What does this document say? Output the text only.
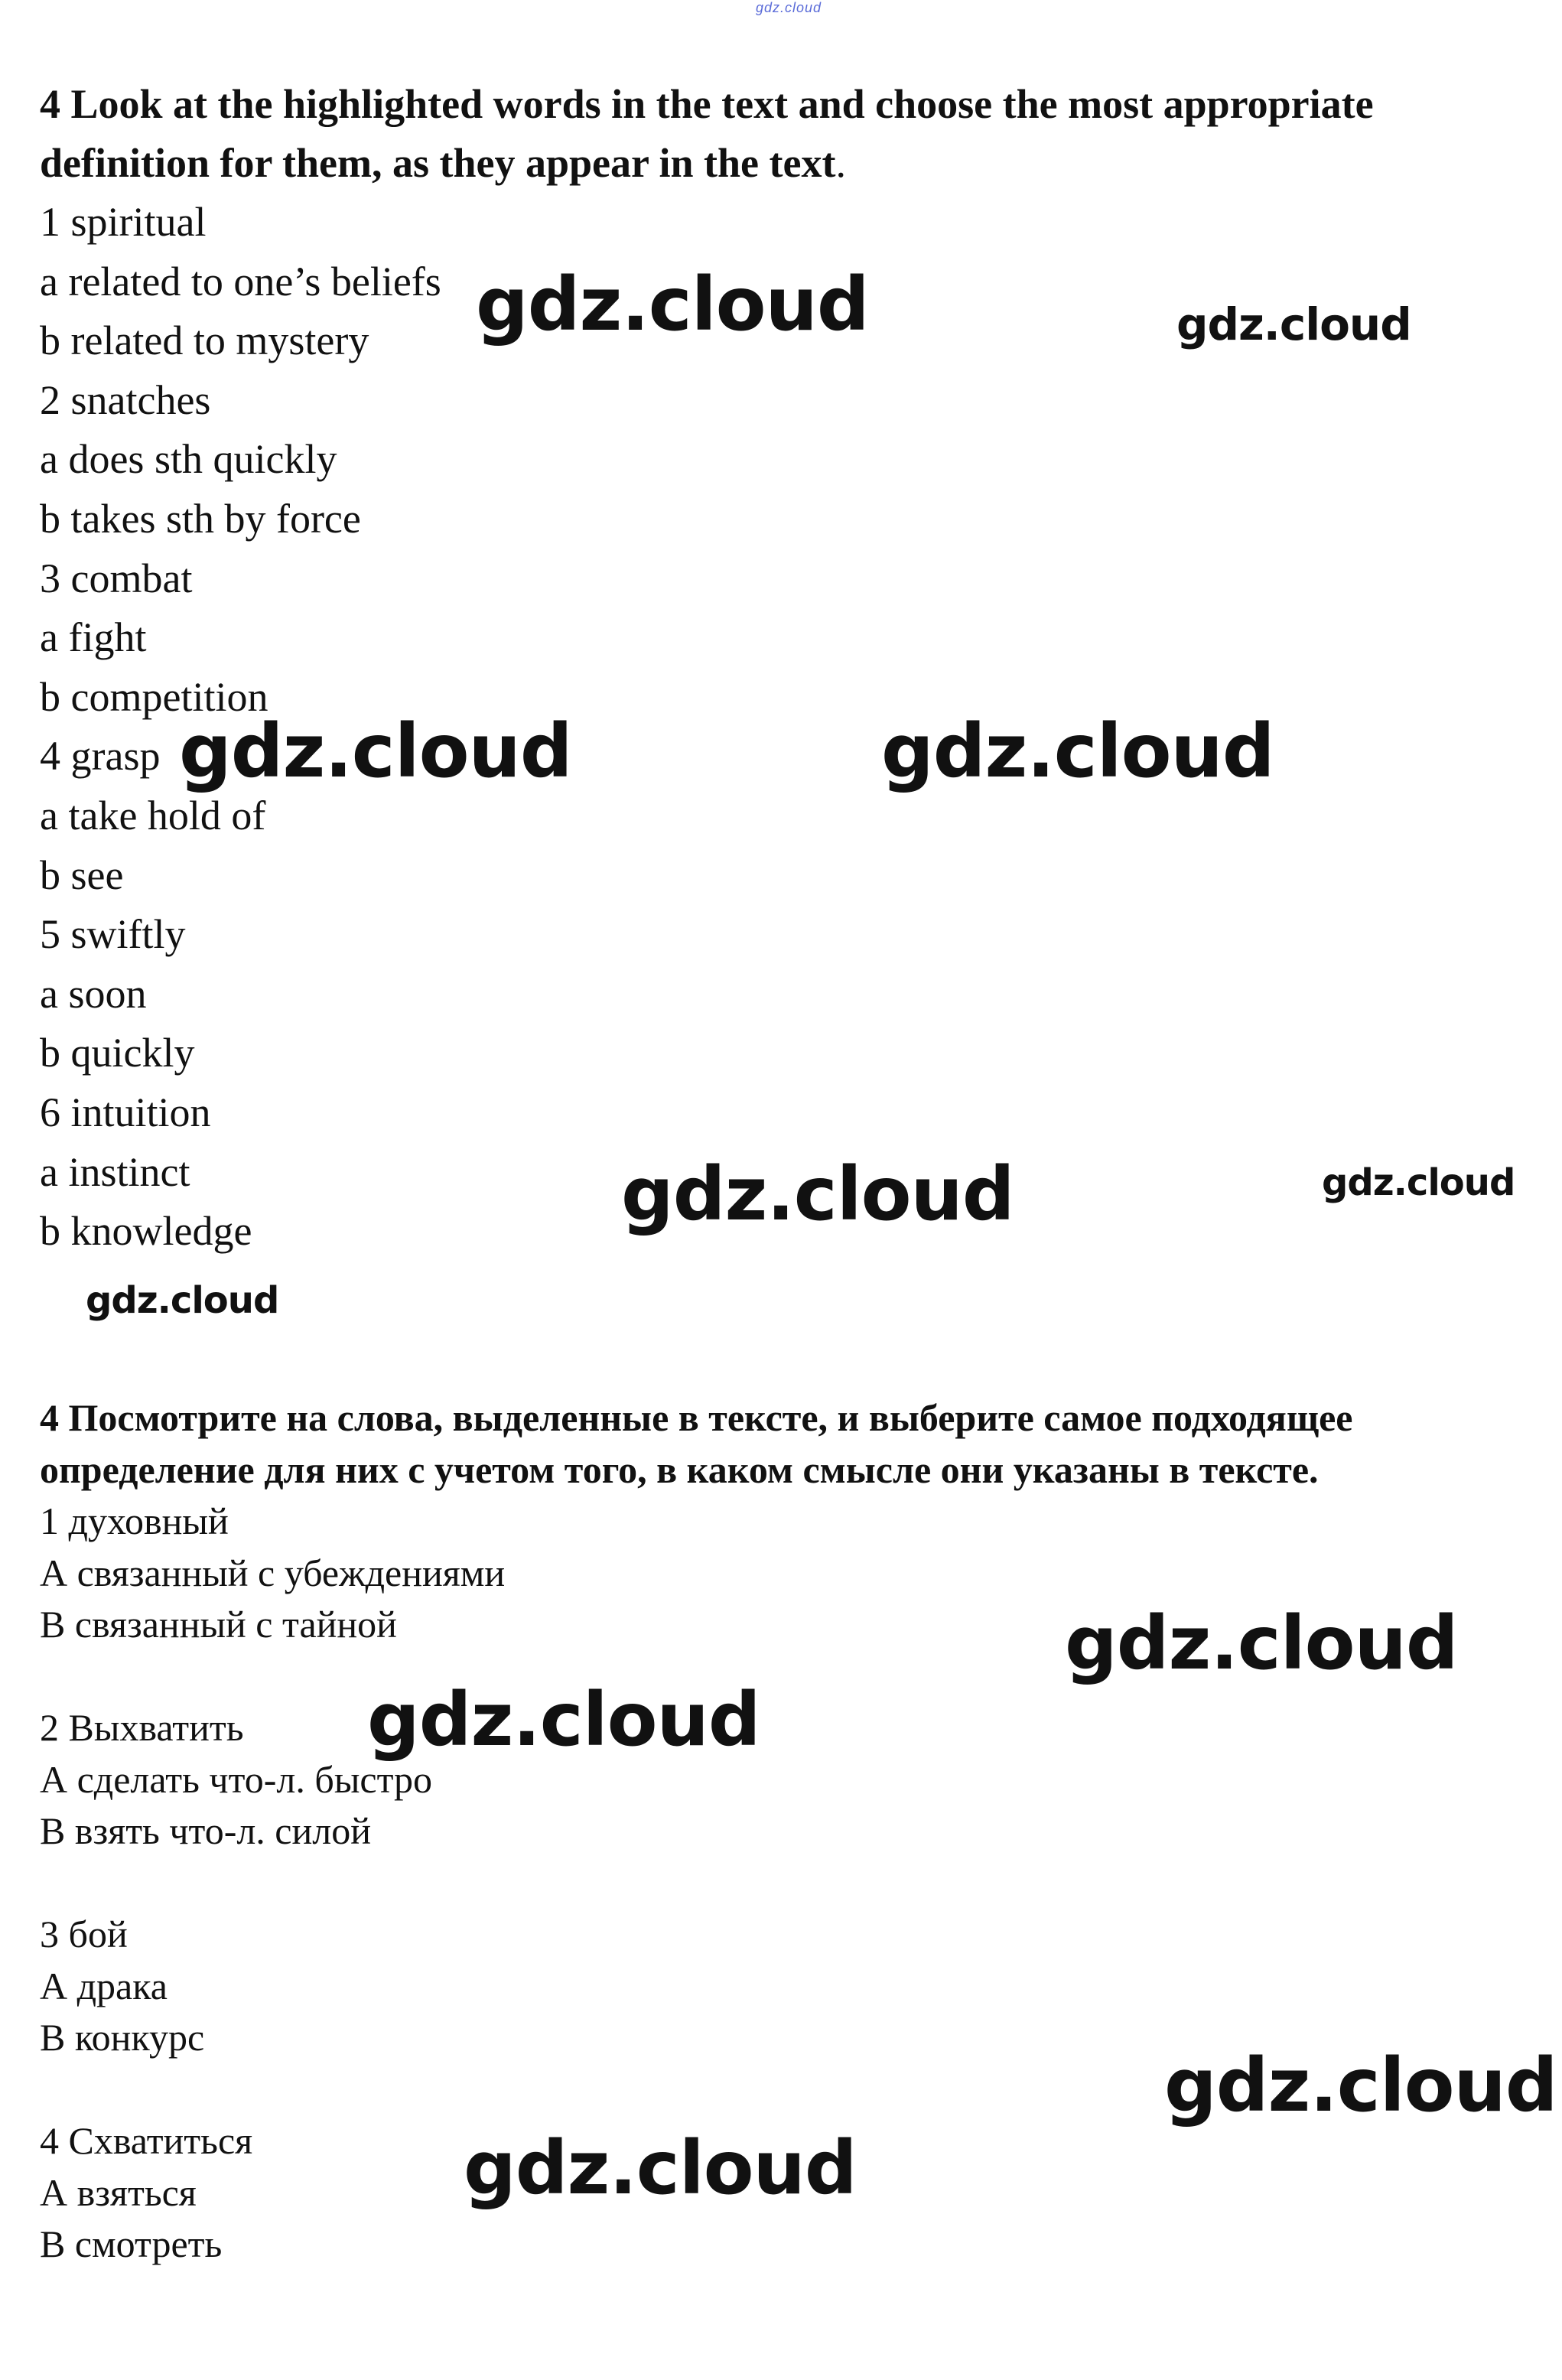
gdz.cloud

4 Look at the highlighted words in the text and choose the most appropriate definition for them, as they appear in the text.

1 spiritual
a related to one’s beliefs
b related to mystery
2 snatches
a does sth quickly
b takes sth by force
3 combat
a fight
b competition
4 grasp
a take hold of
b see
5 swiftly
a soon
b quickly
6 intuition
a instinct
b knowledge

4 Посмотрите на слова, выделенные в тексте, и выберите самое подходящее определение для них с учетом того, в каком смысле они указаны в тексте.

1 духовный
А связанный с убеждениями
В связанный с тайной
2 Выхватить
А сделать что-л. быстро
В взять что-л. силой
3 бой
А драка
В конкурс
4 Схватиться
А взяться
В смотреть
gdz.cloud	gdz.cloud
gdz.cloud	gdz.cloud
gdz.cloud	gdz.cloud
gdz.cloud
gdz.cloud
gdz.cloud
gdz.cloud
gdz.cloud
